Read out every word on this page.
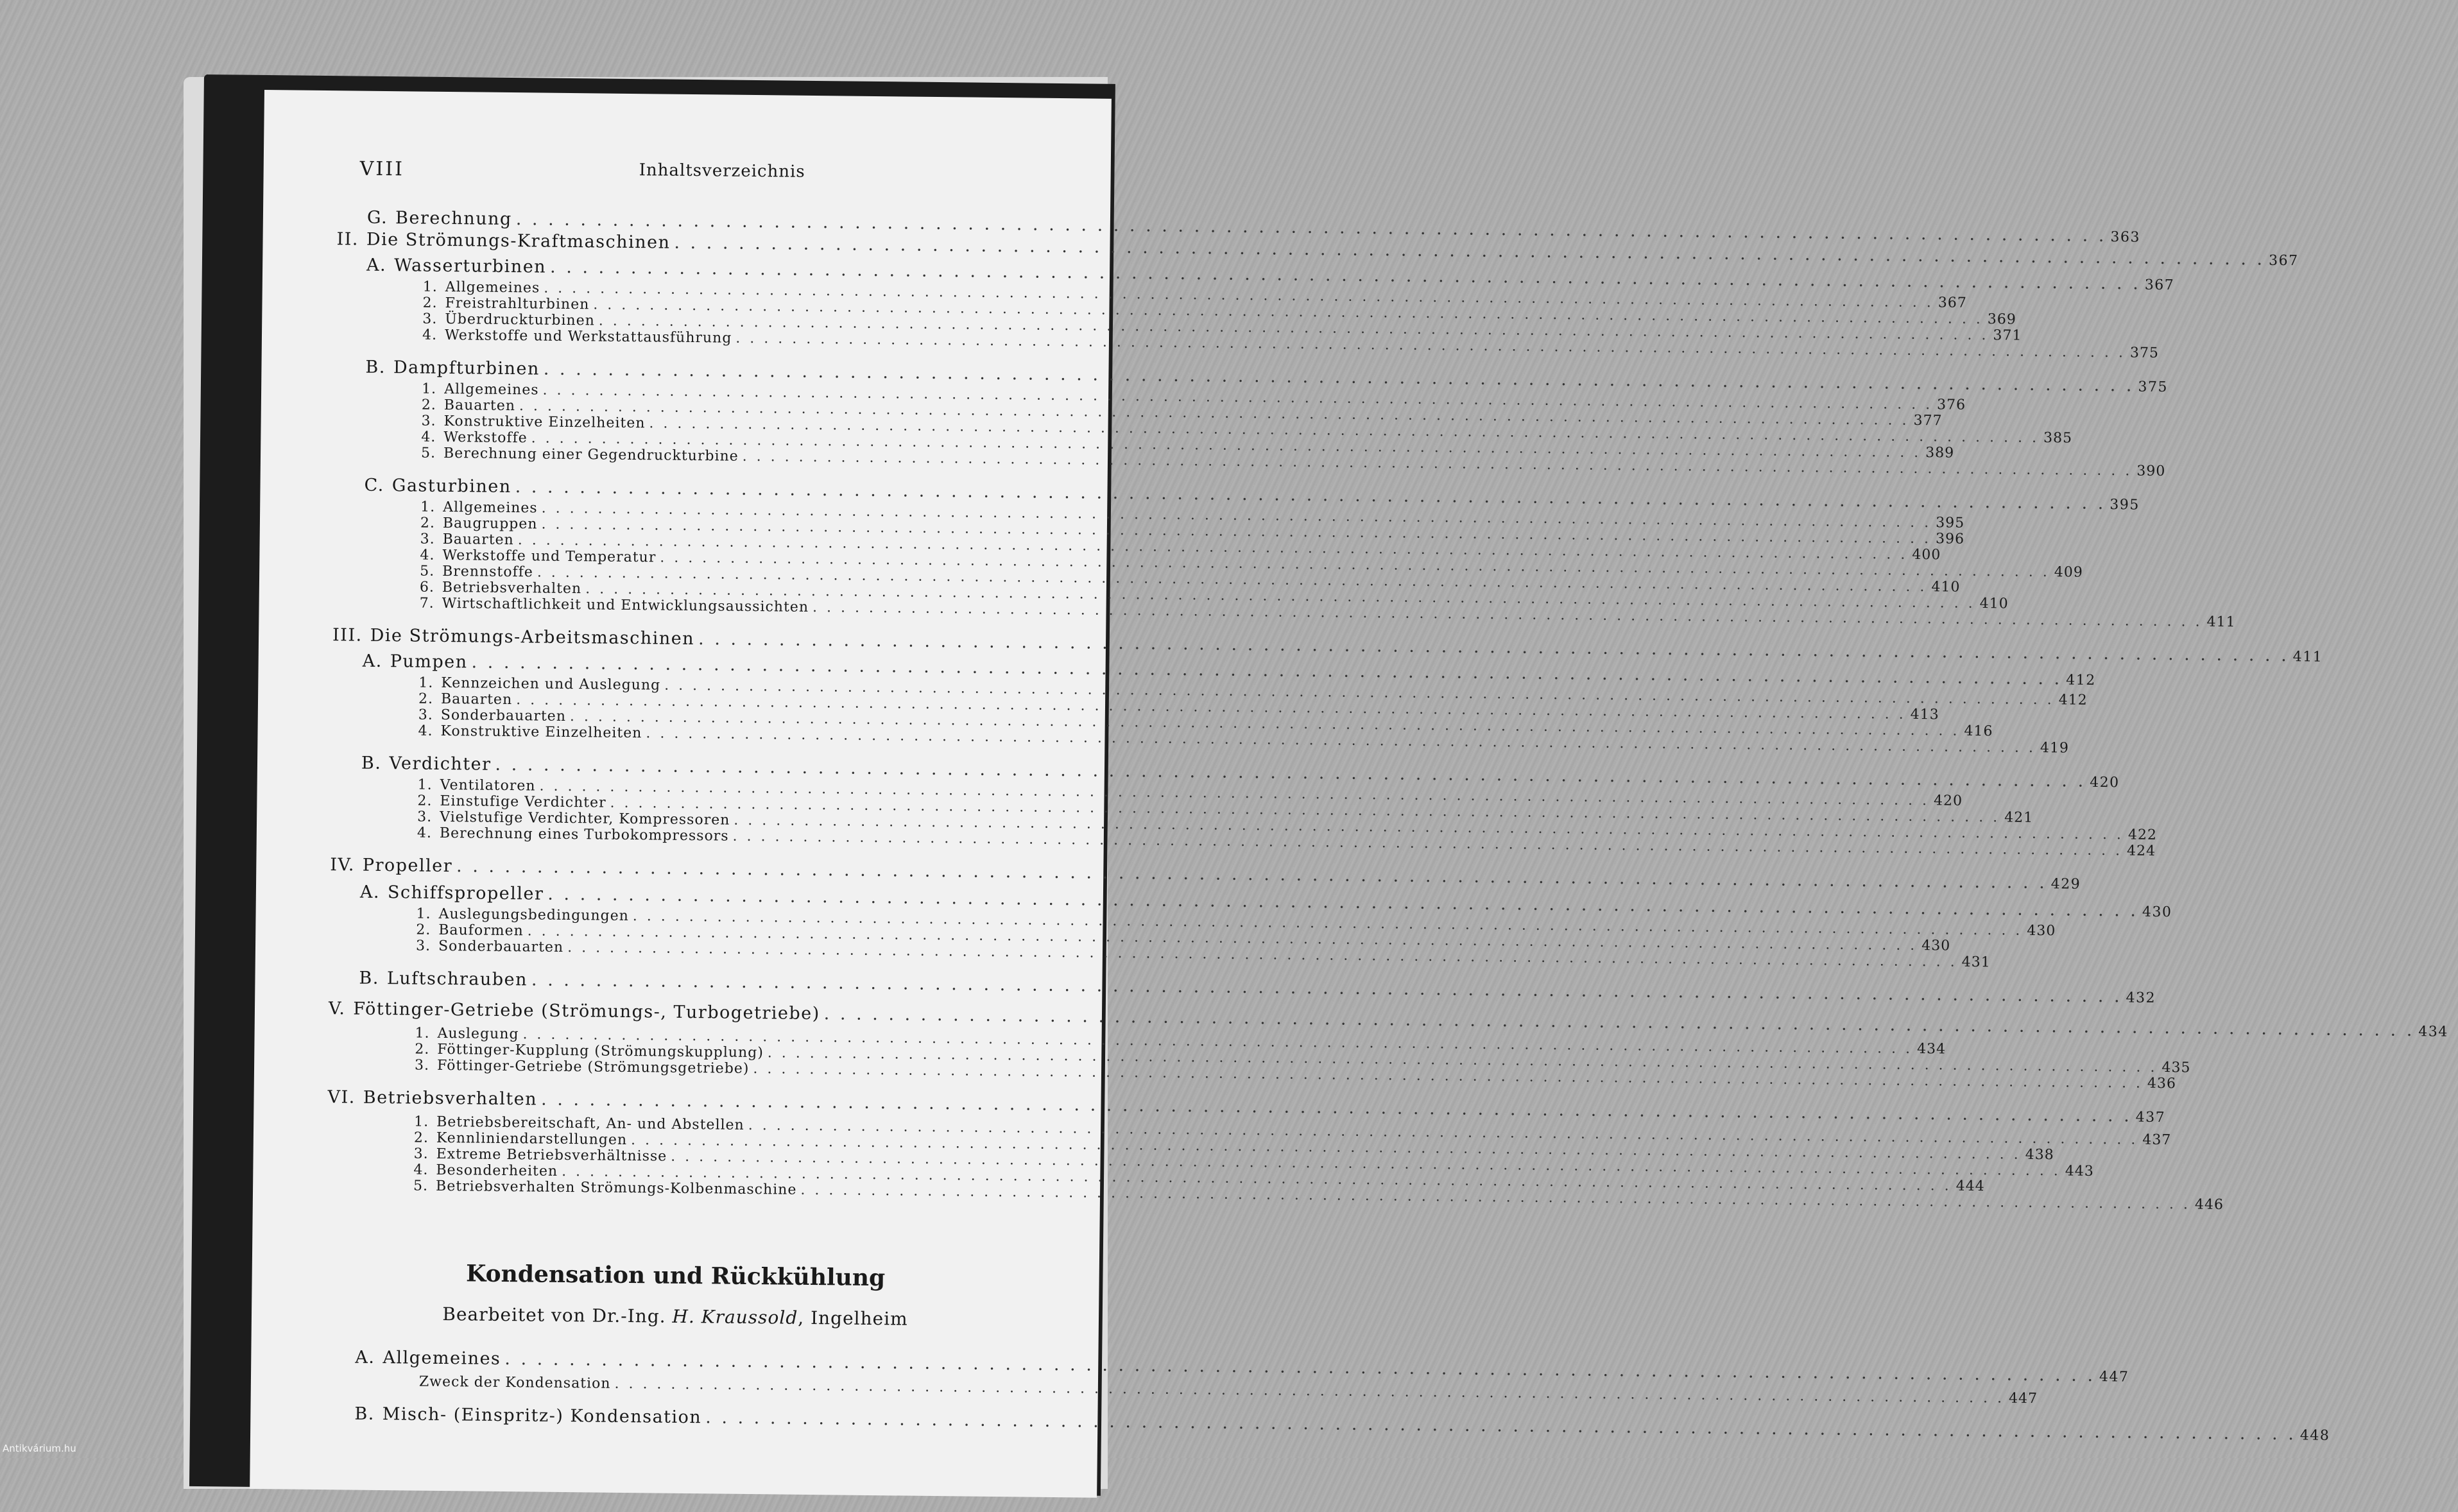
VIII	Inhaltsverzeichnis
G. Berechnung
. . .
363
II. Die Strömungs-Kraftmaschinen
. . .
367
A. Wasserturbinen
. . .
367
1. Allgemeines
. . .
367
2. Freistrahlturbinen
. . .
369
3. Überdruckturbinen
. . .
371
4. Werkstoffe und Werkstattausführung
. . .
375
B. Dampfturbinen
. . .
375
1. Allgemeines
. . .
376
2. Bauarten
. . .
377
3. Konstruktive Einzelheiten
. . .
385
4. Werkstoffe
. . .
389
5. Berechnung einer Gegendruckturbine
. . .
390
C. Gasturbinen
. . .
395
1. Allgemeines
. . .
395
2. Baugruppen
. . .
396
3. Bauarten
. . .
400
4. Werkstoffe und Temperatur
. . .
409
5. Brennstoffe
. . .
410
6. Betriebsverhalten
. . .
410
7. Wirtschaftlichkeit und Entwicklungsaussichten
. . .
411
III. Die Strömungs-Arbeitsmaschinen
. . .
411
A. Pumpen
. . .
412
1. Kennzeichen und Auslegung
. . .
412
2. Bauarten
. . .
413
3. Sonderbauarten
. . .
416
4. Konstruktive Einzelheiten
. . .
419
B. Verdichter
. . .
420
1. Ventilatoren
. . .
420
2. Einstufige Verdichter
. . .
421
3. Vielstufige Verdichter, Kompressoren
. . .
422
4. Berechnung eines Turbokompressors
. . .
424
IV. Propeller
. . .
429
A. Schiffspropeller
. . .
430
1. Auslegungsbedingungen
. . .
430
2. Bauformen
. . .
430
3. Sonderbauarten
. . .
431
B. Luftschrauben
. . .
432
V. Föttinger-Getriebe (Strömungs-, Turbogetriebe)
. . .
434
1. Auslegung
. . .
434
2. Föttinger-Kupplung (Strömungskupplung)
. . .
435
3. Föttinger-Getriebe (Strömungsgetriebe)
. . .
436
VI. Betriebsverhalten
. . .
437
1. Betriebsbereitschaft, An- und Abstellen
. . .
437
2. Kennliniendarstellungen
. . .
438
3. Extreme Betriebsverhältnisse
. . .
443
4. Besonderheiten
. . .
444
5. Betriebsverhalten Strömungs-Kolbenmaschine
. . .
446
A. Allgemeines
. . .
447
Zweck der Kondensation
. . .
447
B. Misch- (Einspritz-) Kondensation
. . .
448
Kondensation und Rückkühlung
Bearbeitet von Dr.-Ing. H. Kraussold, Ingelheim
Antikvárium.hu
